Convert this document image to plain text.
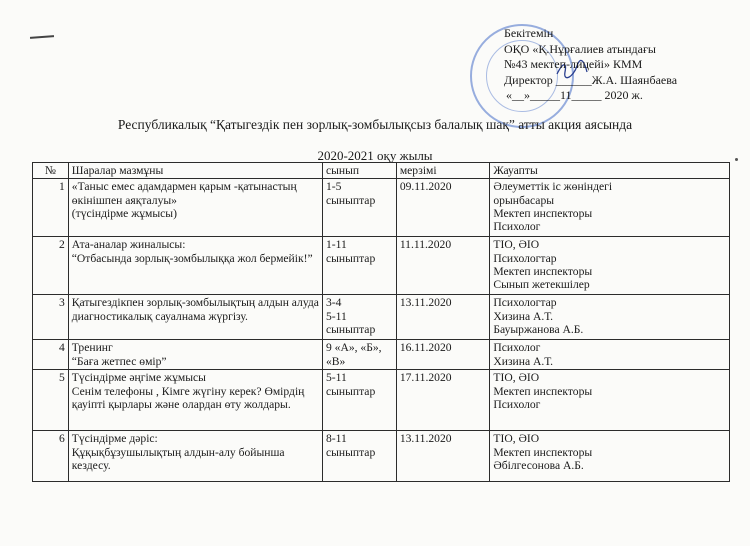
Бекітемін
ОҚО «Қ.Нұрғалиев атындағы
№43 мектеп-лицейі» КММ
Директор ______Ж.А. Шаянбаева
«__»_____11_____ 2020 ж.
Республикалық “Қатыгездік пен зорлық-зомбылықсыз балалық шақ” атты акция аясында
2020-2021 оқу жылы
№	Шаралар мазмұны	сынып	мерзімі	Жауапты
1	«Таныс емес адамдармен қарым -қатынастың
өкінішпен аяқталуы»
(түсіндірме жұмысы)	1-5
сыныптар	09.11.2020	Әлеуметтік іс жөніндегі
орынбасары
Мектеп инспекторы
Психолог

2	Ата-аналар жиналысы:
“Отбасында зорлық-зомбылыққа жол бермейік!”	1-11
сыныптар	11.11.2020	ТІО, ӘІО
Психологтар
Мектеп инспекторы
Сынып жетекшілер

3	Қатыгездікпен зорлық-зомбылықтың алдын алуда
диагностикалық сауалнама жүргізу.	3-4
5-11
сыныптар	13.11.2020	Психологтар
Хизина А.Т.
Бауыржанова А.Б.

4	Тренинг
“Баға жетпес өмір”	9 «А», «Б»,
«В»	16.11.2020	Психолог
Хизина А.Т.

5	Түсіндірме әңгіме жұмысы
Сенім телефоны , Кімге жүгіну керек? Өмірдің
қауіпті қырлары және олардан өту жолдары.	5-11
сыныптар	17.11.2020	ТІО, ӘІО
Мектеп инспекторы
Психолог

6	Түсіндірме дәріс:
Құқықбұзушылықтың алдын-алу бойынша
кездесу.	8-11
сыныптар	13.11.2020	ТІО, ӘІО
Мектеп инспекторы
Әбілгесонова А.Б.
